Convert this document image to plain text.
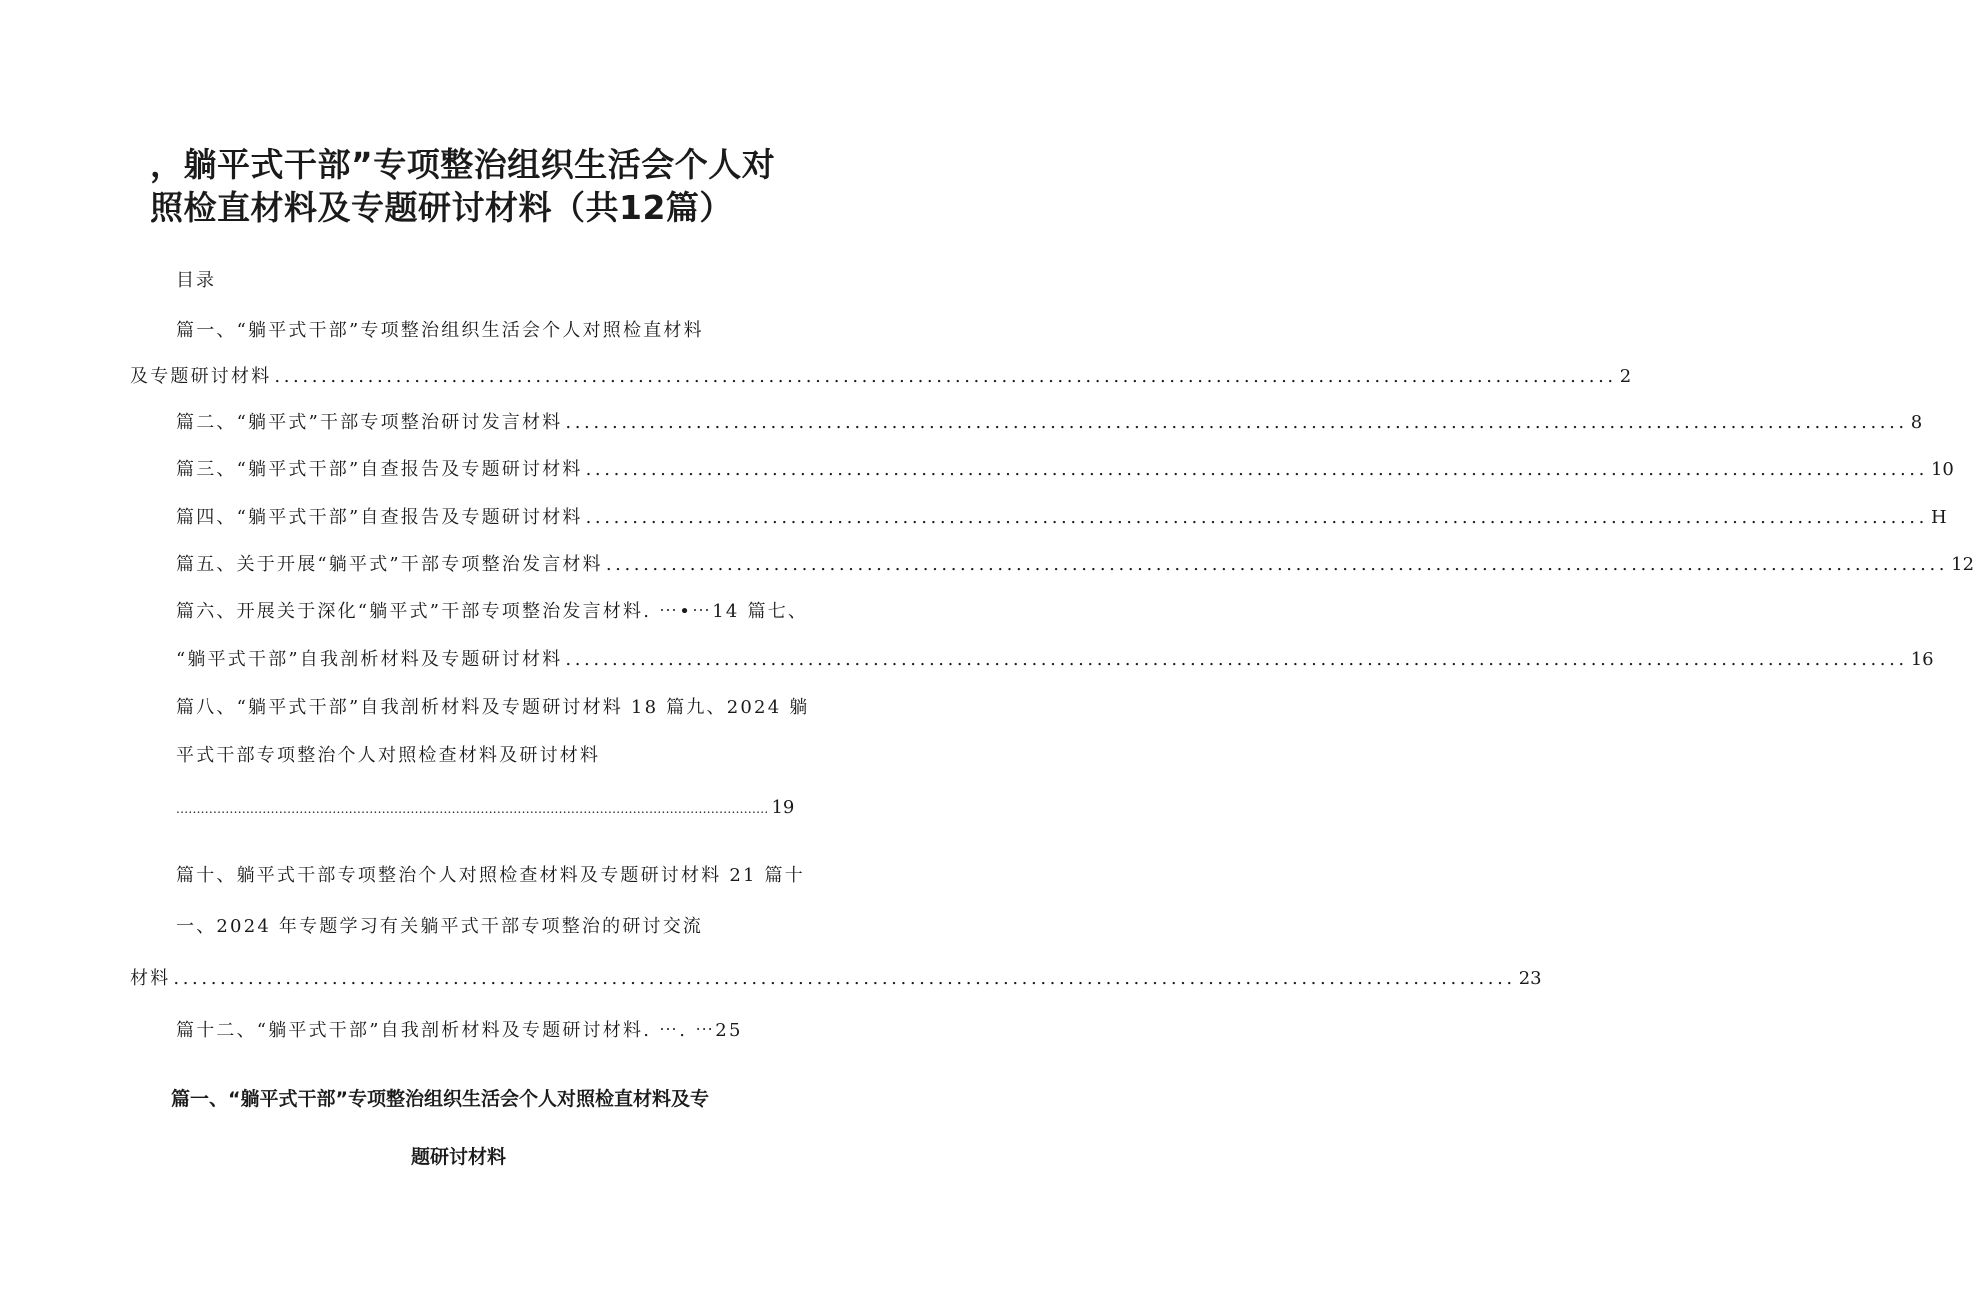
，躺平式干部”专项整治组织生活会个人对
照检直材料及专题研讨材料（共12篇）
目录
篇一、“躺平式干部”专项整治组织生活会个人对照检直材料
及专题研讨材料 ................................................................................................................................................ 2
篇二、“躺平式”干部专项整治研讨发言材料 ................................................................................................................................................ 8
篇三、“躺平式干部”自查报告及专题研讨材料 ................................................................................................................................................ 10
篇四、“躺平式干部”自查报告及专题研讨材料 ................................................................................................................................................ H
篇五、关于开展“躺平式”干部专项整治发言材料 ................................................................................................................................................ 12
篇六、开展关于深化“躺平式”干部专项整治发言材料. ⋯•⋯14 篇七、
“躺平式干部”自我剖析材料及专题研讨材料 ................................................................................................................................................ 16
篇八、“躺平式干部”自我剖析材料及专题研讨材料 18 篇九、2024 躺
平式干部专项整治个人对照检查材料及研讨材料
................................................................................................................................................ 19
篇十、躺平式干部专项整治个人对照检查材料及专题研讨材料 21 篇十
一、2024 年专题学习有关躺平式干部专项整治的研讨交流
材料 ................................................................................................................................................ 23
篇十二、“躺平式干部”自我剖析材料及专题研讨材料. ⋯. ⋯25
篇一、“躺平式干部”专项整治组织生活会个人对照检直材料及专
题研讨材料
